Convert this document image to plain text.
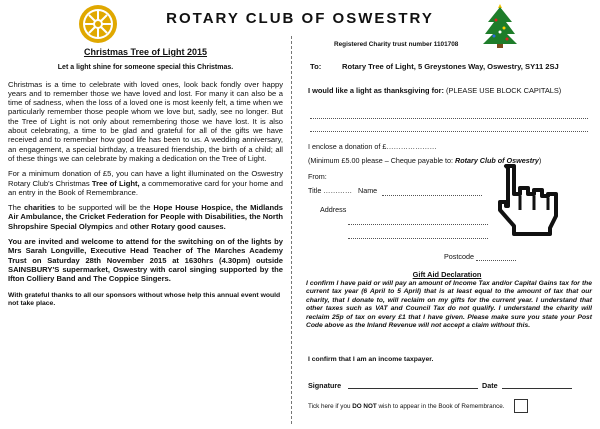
ROTARY CLUB OF OSWESTRY
Christmas Tree of Light 2015
Let a light shine for someone special this Christmas.

Christmas is a time to celebrate with loved ones, look back fondly over happy years and to remember those we have loved and lost. For many it can also be a time of sadness, when the loss of a loved one is most keenly felt, a time when we particularly remember those people whom we love but, sadly, see no longer. But the Tree of Light is not only about remembering those we have lost. It is also about celebrating, a time to be glad and grateful for all of the gifts we have received and to remember how good life has been to us. A wedding anniversary, an engagement, a special birthday, a treasured friendship, the birth of a child; all of these things we can celebrate by making a dedication on the Tree of Light.

For a minimum donation of £5, you can have a light illuminated on the Oswestry Rotary Club's Christmas Tree of Light, a commemorative card for your home and an entry in the Book of Remembrance.

The charities to be supported will be the Hope House Hospice, the Midlands Air Ambulance, the Cricket Federation for People with Disabilities, the North Shropshire Special Olympics and other Rotary good causes.

You are invited and welcome to attend for the switching on of the lights by Mrs Sarah Longville, Executive Head Teacher of The Marches Academy Trust on Saturday 28th November 2015 at 1630hrs (4.30pm) outside SAINSBURY'S supermarket, Oswestry with carol singing supported by the Ifton Colliery Band and The Coppice Singers.

With grateful thanks to all our sponsors without whose help this annual event would not take place.

Registered Charity trust number 1101708
To:	Rotary Tree of Light, 5 Greystones Way, Oswestry, SY11 2SJ
I would like a light as thanksgiving for: (PLEASE USE BLOCK CAPITALS)
I enclose a donation of £…………………
(Minimum £5.00 please – Cheque payable to: Rotary Club of Oswestry)
From:
Title ………… Name
Address
Postcode
Gift Aid Declaration
I confirm I have paid or will pay an amount of Income Tax and/or Capital Gains tax for the current tax year (6 April to 5 April) that is at least equal to the amount of tax that our charity, that I donate to, will reclaim on my gifts for the current year. I understand that other taxes such as VAT and Council Tax do not qualify. I understand the charity will reclaim 25p of tax on every £1 that I have given. Please make sure you state your Post Code above as the Inland Revenue will not accept a claim without this.
I confirm that I am an income taxpayer.
Signature	Date
Tick here if you DO NOT wish to appear in the Book of Remembrance.
